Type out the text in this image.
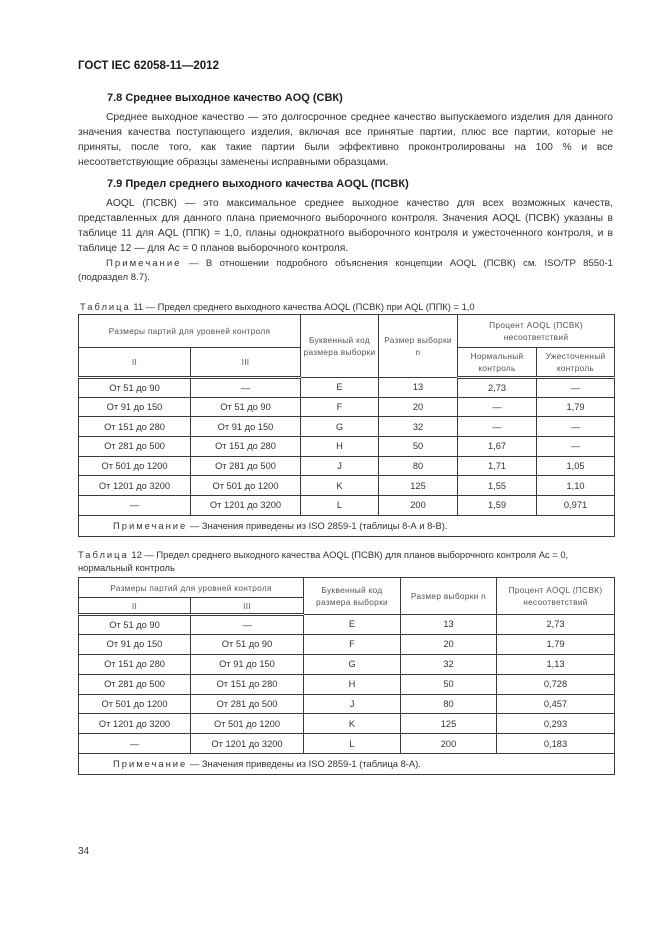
ГОСТ IEC 62058-11—2012
7.8 Среднее выходное качество AOQ (СВК)
Среднее выходное качество — это долгосрочное среднее качество выпускаемого изделия для данного значения качества поступающего изделия, включая все принятые партии, плюс все партии, которые не приняты, после того, как такие партии были эффективно проконтролированы на 100 % и все несоответствующие образцы заменены исправными образцами.
7.9 Предел среднего выходного качества AOQL (ПСВК)
AOQL (ПСВК) — это максимальное среднее выходное качество для всех возможных качеств, представленных для данного плана приемочного выборочного контроля. Значения AOQL (ПСВК) указаны в таблице 11 для AQL (ППК) = 1,0, планы однократного выборочного контроля и ужесточенного контроля, и в таблице 12 — для Ac = 0 планов выборочного контроля.
Примечание — В отношении подробного объяснения концепции AOQL (ПСВК) см. ISO/TP 8550-1 (подраздел 8.7).
Таблица 11 — Предел среднего выходного качества AOQL (ПСВК) при AQL (ППК) = 1,0
Размеры партий для уровней контроля		Буквенный код размера выборки	Размер выборки n	Процент AOQL (ПСВК) несоответствий	
II	III			Нормальный контроль	Ужесточенный контроль
От 51 до 90	—	E	13	2,73	—
От 91 до 150	От 51 до 90	F	20	—	1,79
От 151 до 280	От 91 до 150	G	32	—	—
От 281 до 500	От 151 до 280	H	50	1,67	—
От 501 до 1200	От 281 до 500	J	80	1,71	1,05
От 1201 до 3200	От 501 до 1200	K	125	1,55	1,10
—	От 1201 до 3200	L	200	1,59	0,971
Примечание — Значения приведены из ISO 2859-1 (таблицы 8-А и 8-В).					
Таблица 12 — Предел среднего выходного качества AOQL (ПСВК) для планов выборочного контроля Ac = 0, нормальный контроль
Размеры партий для уровней контроля		Буквенный код размера выборки	Размер выборки n	Процент AOQL (ПСВК) несоответствий
II	III			
От 51 до 90	—	E	13	2,73
От 91 до 150	От 51 до 90	F	20	1,79
От 151 до 280	От 91 до 150	G	32	1,13
От 281 до 500	От 151 до 280	H	50	0,728
От 501 до 1200	От 281 до 500	J	80	0,457
От 1201 до 3200	От 501 до 1200	K	125	0,293
—	От 1201 до 3200	L	200	0,183
Примечание — Значения приведены из ISO 2859-1 (таблица 8-А).				
34
